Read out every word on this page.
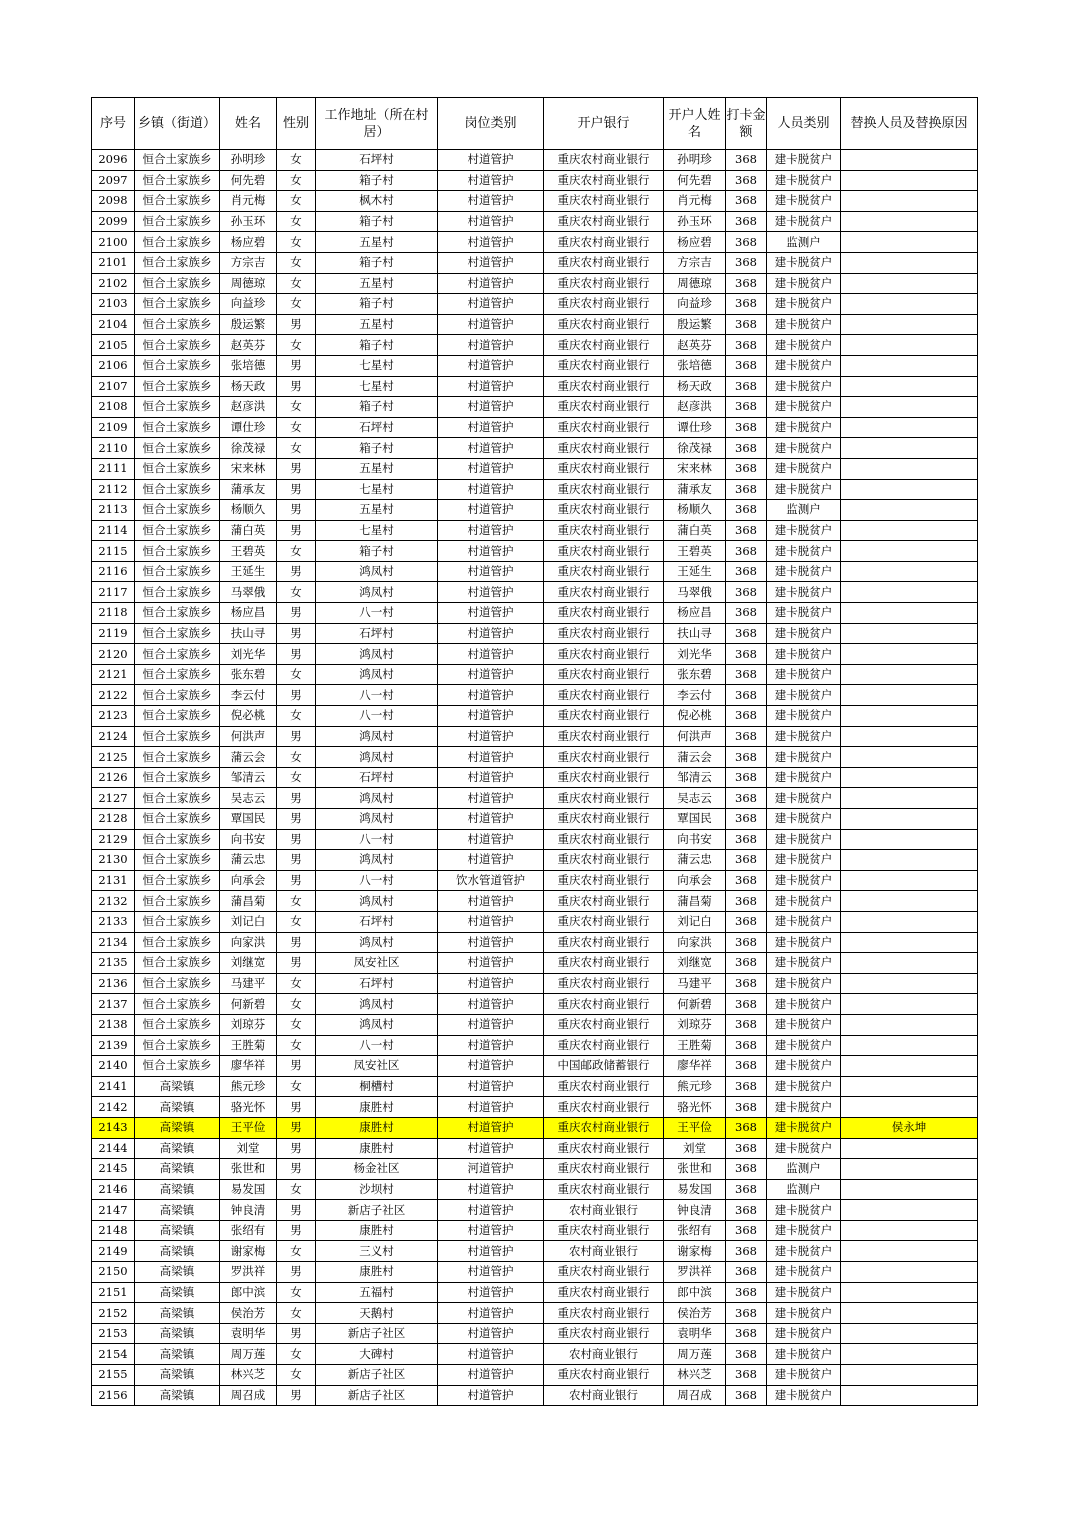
序号	乡镇（街道）	姓名	性别	工作地址（所在村居）	岗位类别	开户银行	开户人姓名	打卡金额	人员类别	替换人员及替换原因
2096	恒合土家族乡	孙明珍	女	石坪村	村道管护	重庆农村商业银行	孙明珍	368	建卡脱贫户	
2097	恒合土家族乡	何先碧	女	箱子村	村道管护	重庆农村商业银行	何先碧	368	建卡脱贫户	
2098	恒合土家族乡	肖元梅	女	枫木村	村道管护	重庆农村商业银行	肖元梅	368	建卡脱贫户	
2099	恒合土家族乡	孙玉环	女	箱子村	村道管护	重庆农村商业银行	孙玉环	368	建卡脱贫户	
2100	恒合土家族乡	杨应碧	女	五星村	村道管护	重庆农村商业银行	杨应碧	368	监测户	
2101	恒合土家族乡	方宗吉	女	箱子村	村道管护	重庆农村商业银行	方宗吉	368	建卡脱贫户	
2102	恒合土家族乡	周德琼	女	五星村	村道管护	重庆农村商业银行	周德琼	368	建卡脱贫户	
2103	恒合土家族乡	向益珍	女	箱子村	村道管护	重庆农村商业银行	向益珍	368	建卡脱贫户	
2104	恒合土家族乡	殷运繁	男	五星村	村道管护	重庆农村商业银行	殷运繁	368	建卡脱贫户	
2105	恒合土家族乡	赵英芬	女	箱子村	村道管护	重庆农村商业银行	赵英芬	368	建卡脱贫户	
2106	恒合土家族乡	张培德	男	七星村	村道管护	重庆农村商业银行	张培德	368	建卡脱贫户	
2107	恒合土家族乡	杨天政	男	七星村	村道管护	重庆农村商业银行	杨天政	368	建卡脱贫户	
2108	恒合土家族乡	赵彦洪	女	箱子村	村道管护	重庆农村商业银行	赵彦洪	368	建卡脱贫户	
2109	恒合土家族乡	谭仕珍	女	石坪村	村道管护	重庆农村商业银行	谭仕珍	368	建卡脱贫户	
2110	恒合土家族乡	徐茂禄	女	箱子村	村道管护	重庆农村商业银行	徐茂禄	368	建卡脱贫户	
2111	恒合土家族乡	宋来林	男	五星村	村道管护	重庆农村商业银行	宋来林	368	建卡脱贫户	
2112	恒合土家族乡	蒲承友	男	七星村	村道管护	重庆农村商业银行	蒲承友	368	建卡脱贫户	
2113	恒合土家族乡	杨顺久	男	五星村	村道管护	重庆农村商业银行	杨顺久	368	监测户	
2114	恒合土家族乡	蒲白英	男	七星村	村道管护	重庆农村商业银行	蒲白英	368	建卡脱贫户	
2115	恒合土家族乡	王碧英	女	箱子村	村道管护	重庆农村商业银行	王碧英	368	建卡脱贫户	
2116	恒合土家族乡	王延生	男	鸿凤村	村道管护	重庆农村商业银行	王延生	368	建卡脱贫户	
2117	恒合土家族乡	马翠俄	女	鸿凤村	村道管护	重庆农村商业银行	马翠俄	368	建卡脱贫户	
2118	恒合土家族乡	杨应昌	男	八一村	村道管护	重庆农村商业银行	杨应昌	368	建卡脱贫户	
2119	恒合土家族乡	扶山寻	男	石坪村	村道管护	重庆农村商业银行	扶山寻	368	建卡脱贫户	
2120	恒合土家族乡	刘光华	男	鸿凤村	村道管护	重庆农村商业银行	刘光华	368	建卡脱贫户	
2121	恒合土家族乡	张东碧	女	鸿凤村	村道管护	重庆农村商业银行	张东碧	368	建卡脱贫户	
2122	恒合土家族乡	李云付	男	八一村	村道管护	重庆农村商业银行	李云付	368	建卡脱贫户	
2123	恒合土家族乡	倪必桃	女	八一村	村道管护	重庆农村商业银行	倪必桃	368	建卡脱贫户	
2124	恒合土家族乡	何洪声	男	鸿凤村	村道管护	重庆农村商业银行	何洪声	368	建卡脱贫户	
2125	恒合土家族乡	蒲云会	女	鸿凤村	村道管护	重庆农村商业银行	蒲云会	368	建卡脱贫户	
2126	恒合土家族乡	邹清云	女	石坪村	村道管护	重庆农村商业银行	邹清云	368	建卡脱贫户	
2127	恒合土家族乡	吴志云	男	鸿凤村	村道管护	重庆农村商业银行	吴志云	368	建卡脱贫户	
2128	恒合土家族乡	覃国民	男	鸿凤村	村道管护	重庆农村商业银行	覃国民	368	建卡脱贫户	
2129	恒合土家族乡	向书安	男	八一村	村道管护	重庆农村商业银行	向书安	368	建卡脱贫户	
2130	恒合土家族乡	蒲云忠	男	鸿凤村	村道管护	重庆农村商业银行	蒲云忠	368	建卡脱贫户	
2131	恒合土家族乡	向承会	男	八一村	饮水管道管护	重庆农村商业银行	向承会	368	建卡脱贫户	
2132	恒合土家族乡	蒲昌菊	女	鸿凤村	村道管护	重庆农村商业银行	蒲昌菊	368	建卡脱贫户	
2133	恒合土家族乡	刘记白	女	石坪村	村道管护	重庆农村商业银行	刘记白	368	建卡脱贫户	
2134	恒合土家族乡	向家洪	男	鸿凤村	村道管护	重庆农村商业银行	向家洪	368	建卡脱贫户	
2135	恒合土家族乡	刘继宽	男	凤安社区	村道管护	重庆农村商业银行	刘继宽	368	建卡脱贫户	
2136	恒合土家族乡	马建平	女	石坪村	村道管护	重庆农村商业银行	马建平	368	建卡脱贫户	
2137	恒合土家族乡	何新碧	女	鸿凤村	村道管护	重庆农村商业银行	何新碧	368	建卡脱贫户	
2138	恒合土家族乡	刘琼芬	女	鸿凤村	村道管护	重庆农村商业银行	刘琼芬	368	建卡脱贫户	
2139	恒合土家族乡	王胜菊	女	八一村	村道管护	重庆农村商业银行	王胜菊	368	建卡脱贫户	
2140	恒合土家族乡	廖华祥	男	凤安社区	村道管护	中国邮政储蓄银行	廖华祥	368	建卡脱贫户	
2141	高梁镇	熊元珍	女	桐槽村	村道管护	重庆农村商业银行	熊元珍	368	建卡脱贫户	
2142	高梁镇	骆光怀	男	康胜村	村道管护	重庆农村商业银行	骆光怀	368	建卡脱贫户	
2143	高梁镇	王平俭	男	康胜村	村道管护	重庆农村商业银行	王平俭	368	建卡脱贫户	侯永坤
2144	高梁镇	刘堂	男	康胜村	村道管护	重庆农村商业银行	刘堂	368	建卡脱贫户	
2145	高梁镇	张世和	男	杨金社区	河道管护	重庆农村商业银行	张世和	368	监测户	
2146	高梁镇	易发国	女	沙坝村	村道管护	重庆农村商业银行	易发国	368	监测户	
2147	高梁镇	钟良清	男	新店子社区	村道管护	农村商业银行	钟良清	368	建卡脱贫户	
2148	高梁镇	张绍有	男	康胜村	村道管护	重庆农村商业银行	张绍有	368	建卡脱贫户	
2149	高梁镇	谢家梅	女	三义村	村道管护	农村商业银行	谢家梅	368	建卡脱贫户	
2150	高梁镇	罗洪祥	男	康胜村	村道管护	重庆农村商业银行	罗洪祥	368	建卡脱贫户	
2151	高梁镇	郎中滨	女	五福村	村道管护	重庆农村商业银行	郎中滨	368	建卡脱贫户	
2152	高梁镇	侯治芳	女	天鹅村	村道管护	重庆农村商业银行	侯治芳	368	建卡脱贫户	
2153	高梁镇	袁明华	男	新店子社区	村道管护	重庆农村商业银行	袁明华	368	建卡脱贫户	
2154	高梁镇	周万莲	女	大碑村	村道管护	农村商业银行	周万莲	368	建卡脱贫户	
2155	高梁镇	林兴芝	女	新店子社区	村道管护	重庆农村商业银行	林兴芝	368	建卡脱贫户	
2156	高梁镇	周召成	男	新店子社区	村道管护	农村商业银行	周召成	368	建卡脱贫户	
